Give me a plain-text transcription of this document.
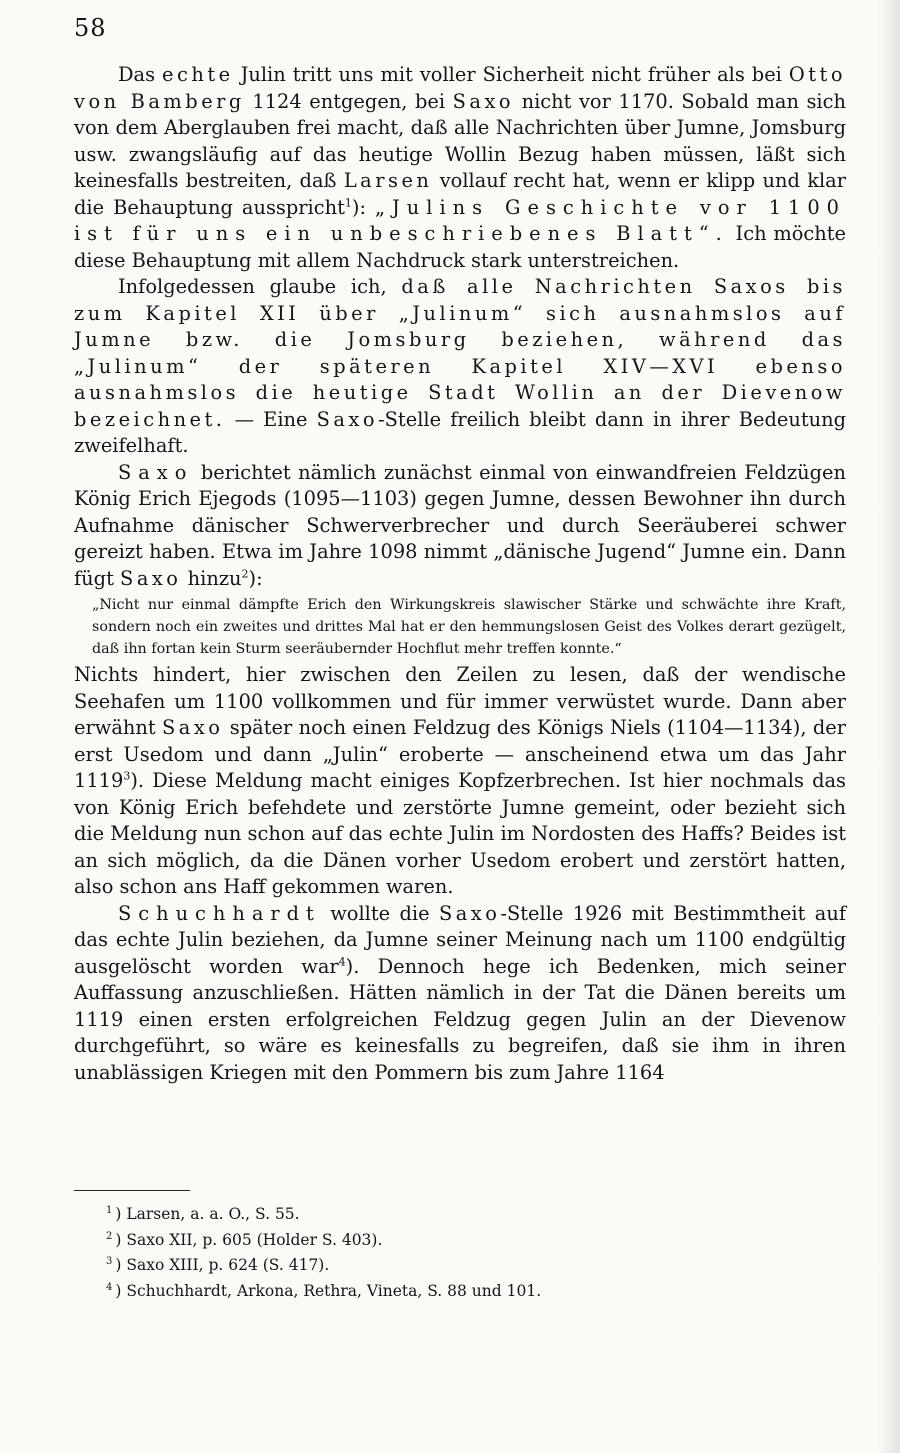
58

Das echte Julin tritt uns mit voller Sicherheit nicht früher als bei Otto von Bamberg 1124 entgegen, bei Saxo nicht vor 1170. Sobald man sich von dem Aberglauben frei macht, daß alle Nachrichten über Jumne, Jomsburg usw. zwangsläufig auf das heutige Wollin Bezug haben müssen, läßt sich keinesfalls bestreiten, daß Larsen vollauf recht hat, wenn er klipp und klar die Behauptung ausspricht$^1$): „Julins Geschichte vor 1100 ist für uns ein unbeschriebenes Blatt“. Ich möchte diese Behauptung mit allem Nachdruck stark unterstreichen.

Infolgedessen glaube ich, daß alle Nachrichten Saxos bis zum Kapitel XII über „Julinum“ sich ausnahmslos auf Jumne bzw. die Jomsburg beziehen, während das „Julinum“ der späteren Kapitel XIV—XVI ebenso ausnahmslos die heutige Stadt Wollin an der Dievenow bezeichnet. — Eine Saxo-Stelle freilich bleibt dann in ihrer Bedeutung zweifelhaft.

Saxo berichtet nämlich zunächst einmal von einwandfreien Feldzügen König Erich Ejegods (1095—1103) gegen Jumne, dessen Bewohner ihn durch Aufnahme dänischer Schwerverbrecher und durch Seeräuberei schwer gereizt haben. Etwa im Jahre 1098 nimmt „dänische Jugend“ Jumne ein. Dann fügt Saxo hinzu$^2$):

„Nicht nur einmal dämpfte Erich den Wirkungskreis slawischer Stärke und schwächte ihre Kraft, sondern noch ein zweites und drittes Mal hat er den hemmungslosen Geist des Volkes derart gezügelt, daß ihn fortan kein Sturm seeräubernder Hochflut mehr treffen konnte.“

Nichts hindert, hier zwischen den Zeilen zu lesen, daß der wendische Seehafen um 1100 vollkommen und für immer verwüstet wurde. Dann aber erwähnt Saxo später noch einen Feldzug des Königs Niels (1104—1134), der erst Usedom und dann „Julin“ eroberte — anscheinend etwa um das Jahr 1119$^3$). Diese Meldung macht einiges Kopfzerbrechen. Ist hier nochmals das von König Erich befehdete und zerstörte Jumne gemeint, oder bezieht sich die Meldung nun schon auf das echte Julin im Nordosten des Haffs? Beides ist an sich möglich, da die Dänen vorher Usedom erobert und zerstört hatten, also schon ans Haff gekommen waren.

Schuchhardt wollte die Saxo-Stelle 1926 mit Bestimmtheit auf das echte Julin beziehen, da Jumne seiner Meinung nach um 1100 endgültig ausgelöscht worden war$^4$). Dennoch hege ich Bedenken, mich seiner Auffassung anzuschließen. Hätten nämlich in der Tat die Dänen bereits um 1119 einen ersten erfolgreichen Feldzug gegen Julin an der Dievenow durchgeführt, so wäre es keinesfalls zu begreifen, daß sie ihm in ihren unablässigen Kriegen mit den Pommern bis zum Jahre 1164

$^1$ ) Larsen, a. a. O., S. 55.

$^2$ ) Saxo XII, p. 605 (Holder S. 403).

$^3$ ) Saxo XIII, p. 624 (S. 417).

$^4$ ) Schuchhardt, Arkona, Rethra, Vineta, S. 88 und 101.
